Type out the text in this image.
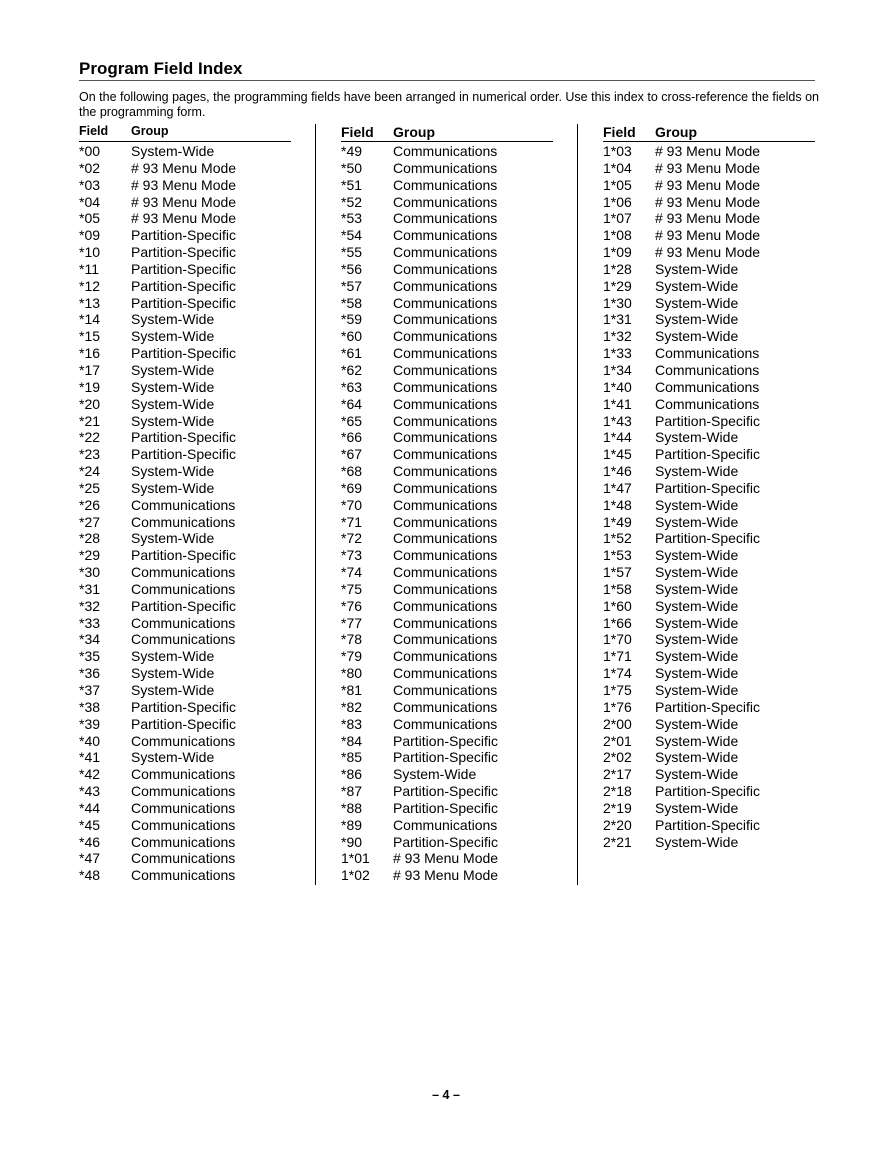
Program Field Index
On the following pages, the programming fields have been arranged in numerical order. Use this index to cross-reference the fields on the programming form.
Field Group
*00 System-Wide
*02 # 93 Menu Mode
*03 # 93 Menu Mode
*04 # 93 Menu Mode
*05 # 93 Menu Mode
*09 Partition-Specific
*10 Partition-Specific
*11 Partition-Specific
*12 Partition-Specific
*13 Partition-Specific
*14 System-Wide
*15 System-Wide
*16 Partition-Specific
*17 System-Wide
*19 System-Wide
*20 System-Wide
*21 System-Wide
*22 Partition-Specific
*23 Partition-Specific
*24 System-Wide
*25 System-Wide
*26 Communications
*27 Communications
*28 System-Wide
*29 Partition-Specific
*30 Communications
*31 Communications
*32 Partition-Specific
*33 Communications
*34 Communications
*35 System-Wide
*36 System-Wide
*37 System-Wide
*38 Partition-Specific
*39 Partition-Specific
*40 Communications
*41 System-Wide
*42 Communications
*43 Communications
*44 Communications
*45 Communications
*46 Communications
*47 Communications
*48 Communications
Field Group
*49 Communications
*50 Communications
*51 Communications
*52 Communications
*53 Communications
*54 Communications
*55 Communications
*56 Communications
*57 Communications
*58 Communications
*59 Communications
*60 Communications
*61 Communications
*62 Communications
*63 Communications
*64 Communications
*65 Communications
*66 Communications
*67 Communications
*68 Communications
*69 Communications
*70 Communications
*71 Communications
*72 Communications
*73 Communications
*74 Communications
*75 Communications
*76 Communications
*77 Communications
*78 Communications
*79 Communications
*80 Communications
*81 Communications
*82 Communications
*83 Communications
*84 Partition-Specific
*85 Partition-Specific
*86 System-Wide
*87 Partition-Specific
*88 Partition-Specific
*89 Communications
*90 Partition-Specific
1*01 # 93 Menu Mode
1*02 # 93 Menu Mode
Field Group
1*03 # 93 Menu Mode
1*04 # 93 Menu Mode
1*05 # 93 Menu Mode
1*06 # 93 Menu Mode
1*07 # 93 Menu Mode
1*08 # 93 Menu Mode
1*09 # 93 Menu Mode
1*28 System-Wide
1*29 System-Wide
1*30 System-Wide
1*31 System-Wide
1*32 System-Wide
1*33 Communications
1*34 Communications
1*40 Communications
1*41 Communications
1*43 Partition-Specific
1*44 System-Wide
1*45 Partition-Specific
1*46 System-Wide
1*47 Partition-Specific
1*48 System-Wide
1*49 System-Wide
1*52 Partition-Specific
1*53 System-Wide
1*57 System-Wide
1*58 System-Wide
1*60 System-Wide
1*66 System-Wide
1*70 System-Wide
1*71 System-Wide
1*74 System-Wide
1*75 System-Wide
1*76 Partition-Specific
2*00 System-Wide
2*01 System-Wide
2*02 System-Wide
2*17 System-Wide
2*18 Partition-Specific
2*19 System-Wide
2*20 Partition-Specific
2*21 System-Wide
– 4 –
